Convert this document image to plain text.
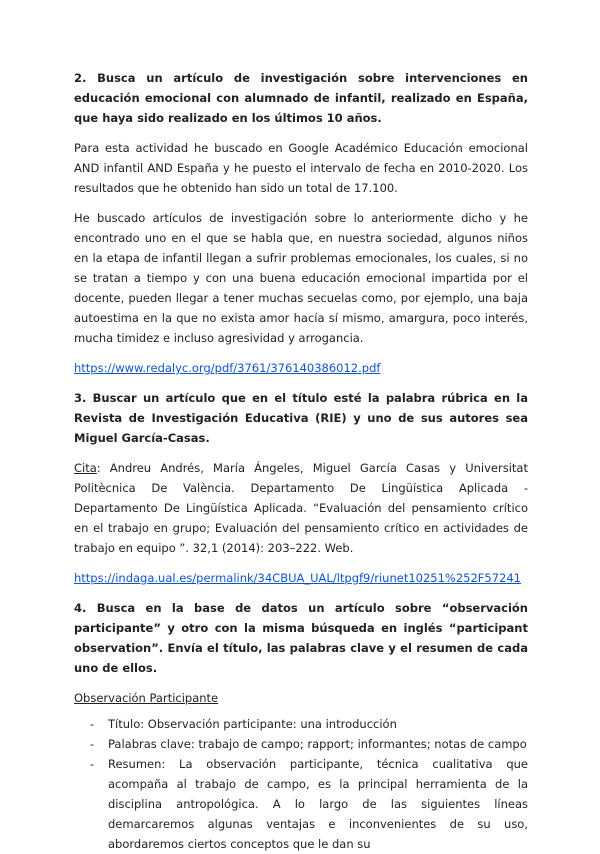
2. Busca un artículo de investigación sobre intervenciones en educación emocional con alumnado de infantil, realizado en España, que haya sido realizado en los últimos 10 años.
Para esta actividad he buscado en Google Académico Educación emocional AND infantil AND España y he puesto el intervalo de fecha en 2010-2020. Los resultados que he obtenido han sido un total de 17.100.
He buscado artículos de investigación sobre lo anteriormente dicho y he encontrado uno en el que se habla que, en nuestra sociedad, algunos niños en la etapa de infantil llegan a sufrir problemas emocionales, los cuales, si no se tratan a tiempo y con una buena educación emocional impartida por el docente, pueden llegar a tener muchas secuelas como, por ejemplo, una baja autoestima en la que no exista amor hacía sí mismo, amargura, poco interés, mucha timidez e incluso agresividad y arrogancia.
https://www.redalyc.org/pdf/3761/376140386012.pdf
3. Buscar un artículo que en el título esté la palabra rúbrica en la Revista de Investigación Educativa (RIE) y uno de sus autores sea Miguel García-Casas.
Cita: Andreu Andrés, María Ángeles, Miguel García Casas y Universitat Politècnica De València. Departamento De Lingüística Aplicada - Departamento De Lingüística Aplicada. “Evaluación del pensamiento crítico en el trabajo en grupo; Evaluación del pensamiento crítico en actividades de trabajo en equipo ”. 32,1 (2014): 203–222. Web.
https://indaga.ual.es/permalink/34CBUA_UAL/ltpgf9/riunet10251%252F57241
4. Busca en la base de datos un artículo sobre “observación participante” y otro con la misma búsqueda en inglés “participant observation”. Envía el título, las palabras clave y el resumen de cada uno de ellos.
Observación Participante
- Título: Observación participante: una introducción
- Palabras clave: trabajo de campo; rapport; informantes; notas de campo
- Resumen: La observación participante, técnica cualitativa que acompaña al trabajo de campo, es la principal herramienta de la disciplina antropológica. A lo largo de las siguientes líneas demarcaremos algunas ventajas e inconvenientes de su uso, abordaremos ciertos conceptos que le dan su
